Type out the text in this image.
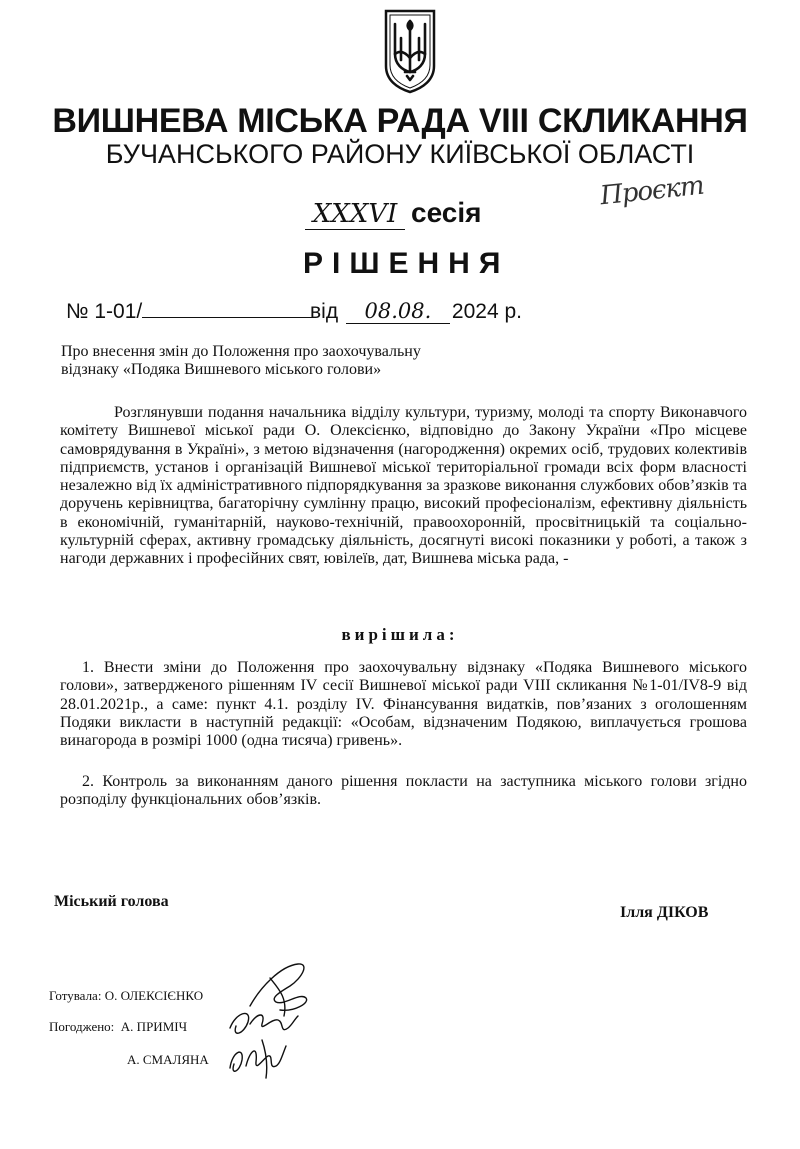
ВИШНЕВА МІСЬКА РАДА VIII СКЛИКАННЯ
БУЧАНСЬКОГО РАЙОНУ КИЇВСЬКОЇ ОБЛАСТІ
Проєкт
XXXVI сесія
РІШЕННЯ
№ 1-01/	від 08.08. 2024 р.
Про внесення змін до Положення про заохочувальну відзнаку «Подяка Вишневого міського голови»
Розглянувши подання начальника відділу культури, туризму, молоді та спорту Виконавчого комітету Вишневої міської ради О. Олексієнко, відповідно до Закону України «Про місцеве самоврядування в Україні», з метою відзначення (нагородження) окремих осіб, трудових колективів підприємств, установ і організацій Вишневої міської територіальної громади всіх форм власності незалежно від їх адміністративного підпорядкування за зразкове виконання службових обов’язків та доручень керівництва, багаторічну сумлінну працю, високий професіоналізм, ефективну діяльність в економічній, гуманітарній, науково-технічній, правоохоронній, просвітницькій та соціально-культурній сферах, активну громадську діяльність, досягнуті високі показники у роботі, а також з нагоди державних і професійних свят, ювілеїв, дат, Вишнева міська рада, -
вирішила:
1. Внести зміни до Положення про заохочувальну відзнаку «Подяка Вишневого міського голови», затвердженого рішенням IV сесії Вишневої міської ради VIII скликання №1-01/IV8-9 від 28.01.2021р., а саме: пункт 4.1. розділу IV. Фінансування видатків, пов’язаних з оголошенням Подяки викласти в наступній редакції: «Особам, відзначеним Подякою, виплачується грошова винагорода в розмірі 1000 (одна тисяча) гривень».
2. Контроль за виконанням даного рішення покласти на заступника міського голови згідно розподілу функціональних обов’язків.
Міський голова
Ілля ДІКОВ
Готувала: О. ОЛЕКСІЄНКО
Погоджено: А. ПРИМІЧ
А. СМАЛЯНА
